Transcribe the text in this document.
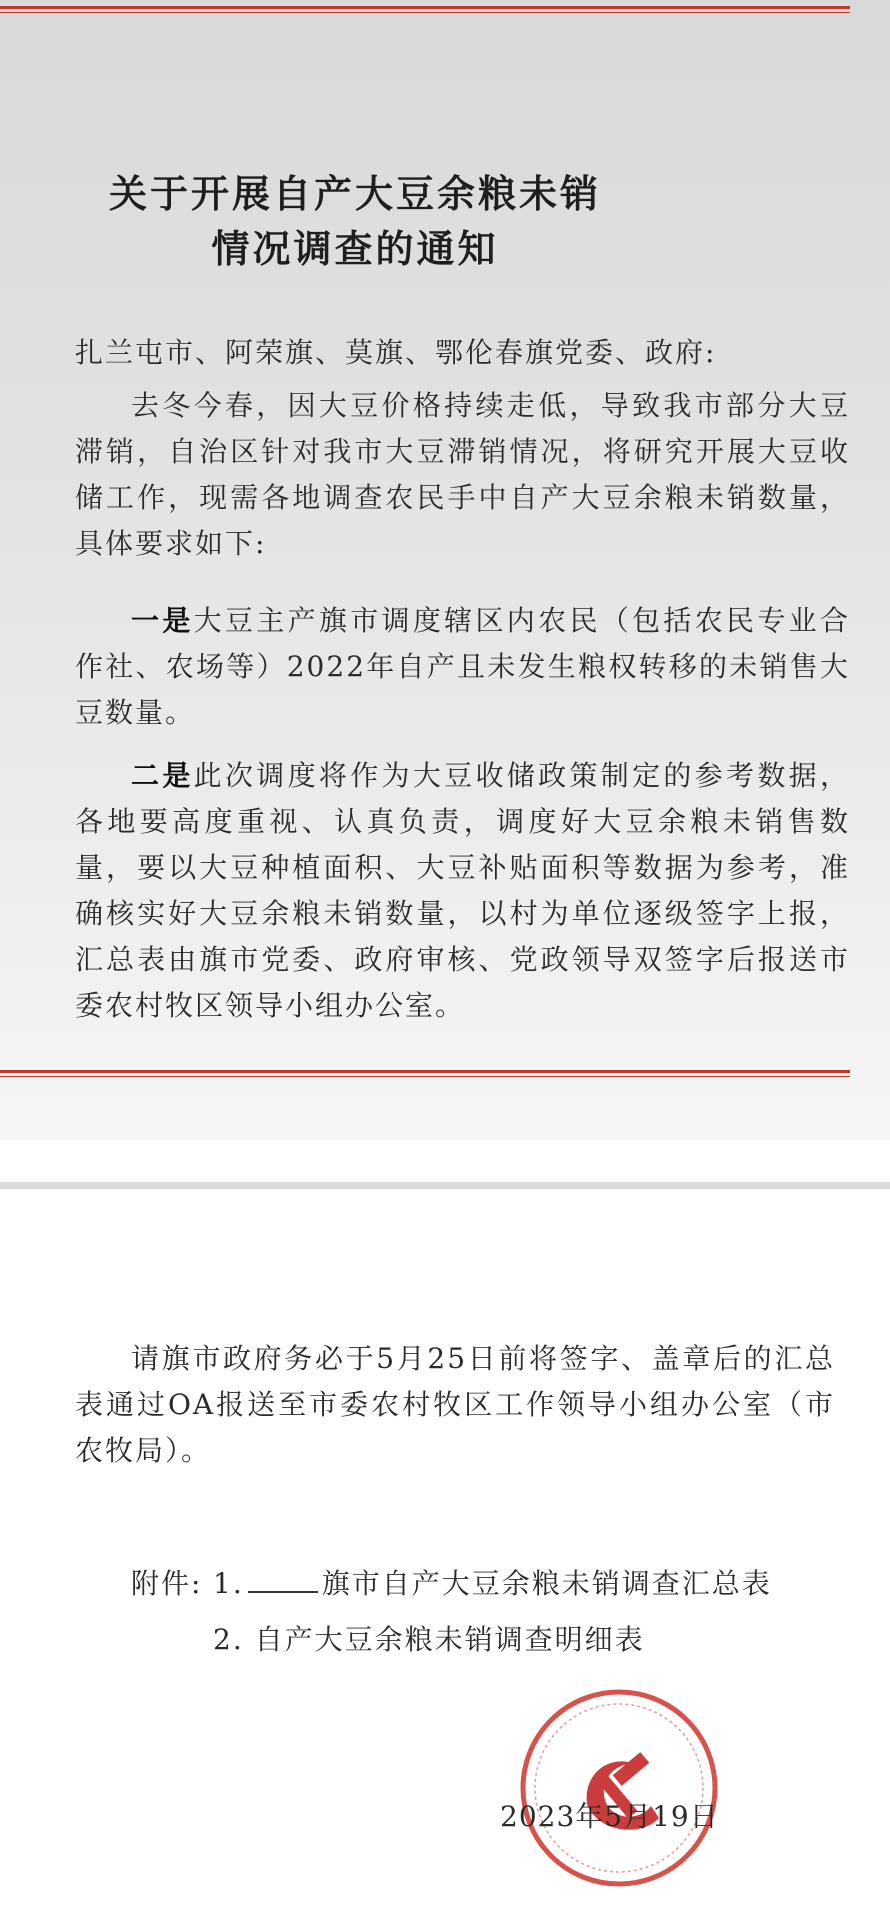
关于开展自产大豆余粮未销
情况调查的通知

扎兰屯市、阿荣旗、莫旗、鄂伦春旗党委、政府:

去冬今春，因大豆价格持续走低，导致我市部分大豆滞销，自治区针对我市大豆滞销情况，将研究开展大豆收储工作，现需各地调查农民手中自产大豆余粮未销数量，具体要求如下:

一是大豆主产旗市调度辖区内农民（包括农民专业合作社、农场等）2022年自产且未发生粮权转移的未销售大豆数量。

二是此次调度将作为大豆收储政策制定的参考数据，各地要高度重视、认真负责，调度好大豆余粮未销售数量，要以大豆种植面积、大豆补贴面积等数据为参考，准确核实好大豆余粮未销数量，以村为单位逐级签字上报，汇总表由旗市党委、政府审核、党政领导双签字后报送市委农村牧区领导小组办公室。

请旗市政府务必于5月25日前将签字、盖章后的汇总表通过OA报送至市委农村牧区工作领导小组办公室（市农牧局）。

附件: 1.	旗市自产大豆余粮未销调查汇总表

2. 自产大豆余粮未销调查明细表

2023年5月19日
